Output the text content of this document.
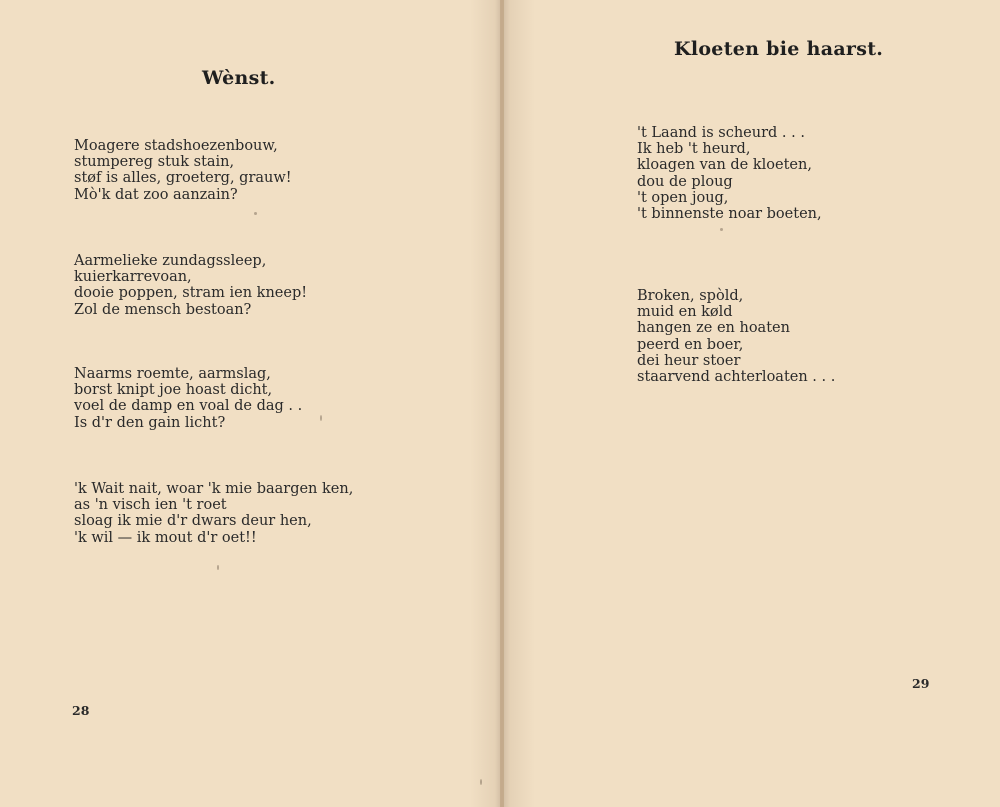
Wènst.

Moagere stadshoezenbouw,
stumpereg stuk stain,
støf is alles, groeterg, grauw!
Mò'k dat zoo aanzain?

Aarmelieke zundagssleep,
kuierkarrevoan,
dooie poppen, stram ien kneep!
Zol de mensch bestoan?

Naarms roemte, aarmslag,
borst knipt joe hoast dicht,
voel de damp en voal de dag . .
Is d'r den gain licht?

'k Wait nait, woar 'k mie baargen ken,
as 'n visch ien 't roet
sloag ik mie d'r dwars deur hen,
'k wil — ik mout d'r oet!!

28

Kloeten bie haarst.

't Laand is scheurd . . .
Ik heb 't heurd,
kloagen van de kloeten,
dou de ploug
't open joug,
't binnenste noar boeten,

Broken, spòld,
muid en køld
hangen ze en hoaten
peerd en boer,
dei heur stoer
staarvend achterloaten . . .

29
